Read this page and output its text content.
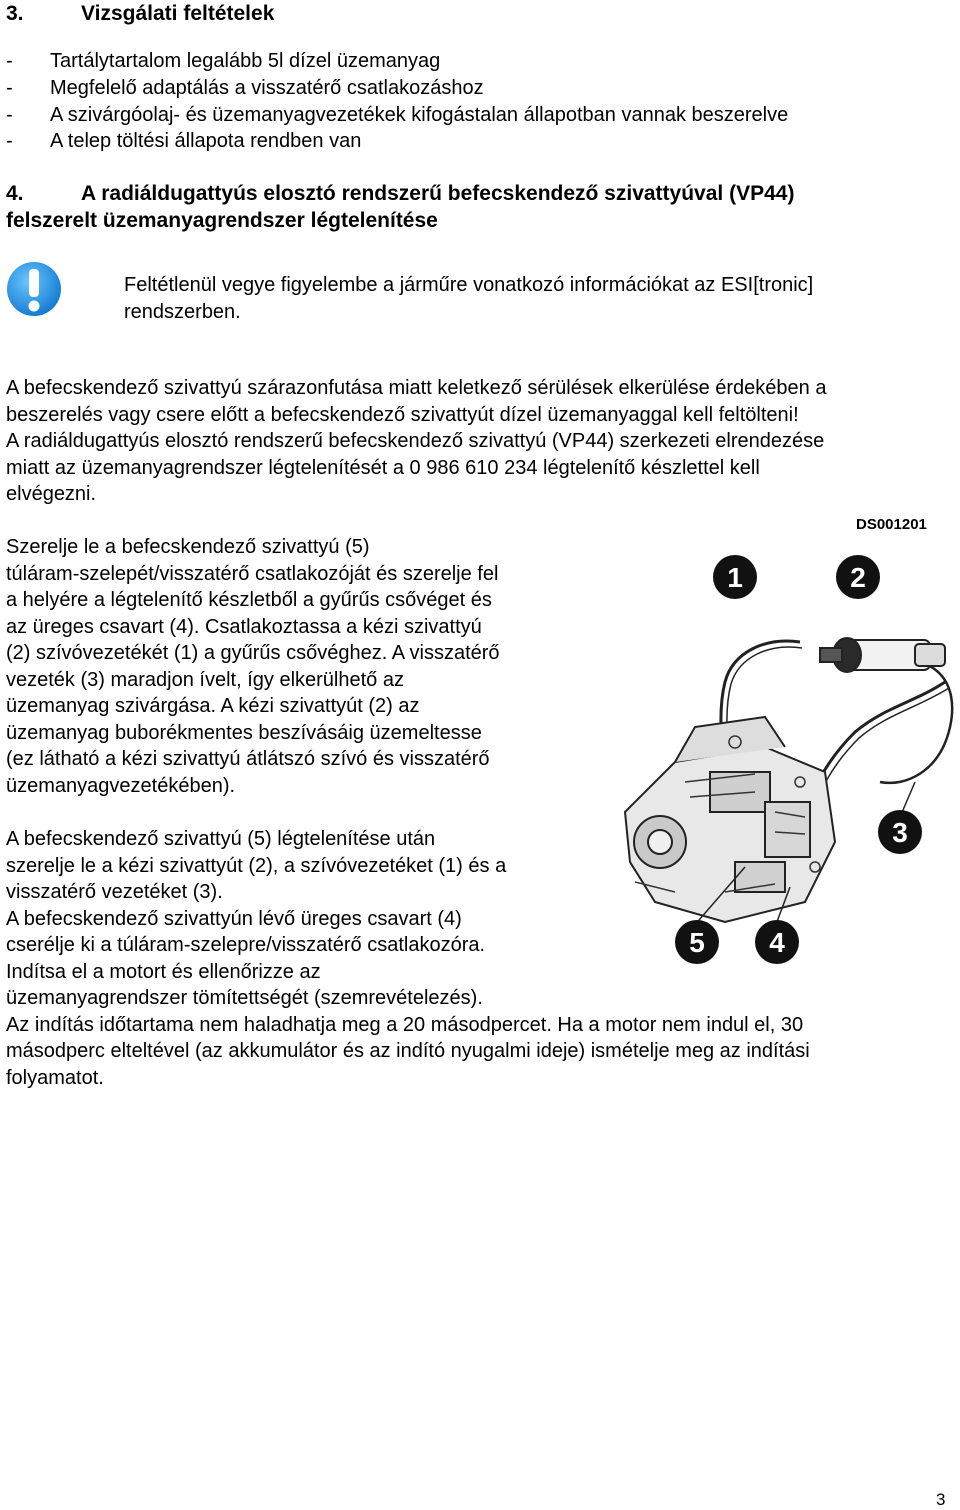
3.	Vizsgálati feltételek
- Tartálytartalom legalább 5l dízel üzemanyag
- Megfelelő adaptálás a visszatérő csatlakozáshoz
- A szivárgóolaj- és üzemanyagvezetékek kifogástalan állapotban vannak beszerelve
- A telep töltési állapota rendben van
4.	A radiáldugattyús elosztó rendszerű befecskendező szivattyúval (VP44)
felszerelt üzemanyagrendszer légtelenítése

Feltétlenül vegye figyelembe a járműre vonatkozó információkat az ESI[tronic]
rendszerben.

A befecskendező szivattyú szárazonfutása miatt keletkező sérülések elkerülése érdekében a
beszerelés vagy csere előtt a befecskendező szivattyút dízel üzemanyaggal kell feltölteni!
A radiáldugattyús elosztó rendszerű befecskendező szivattyú (VP44) szerkezeti elrendezése
miatt az üzemanyagrendszer légtelenítését a 0 986 610 234 légtelenítő készlettel kell
elvégezni.

Szerelje le a befecskendező szivattyú (5)
túláram-szelepét/visszatérő csatlakozóját és szerelje fel
a helyére a légtelenítő készletből a gyűrűs csővéget és
az üreges csavart (4). Csatlakoztassa a kézi szivattyú
(2) szívóvezetékét (1) a gyűrűs csővéghez. A visszatérő
vezeték (3) maradjon ívelt, így elkerülhető az
üzemanyag szivárgása. A kézi szivattyút (2) az
üzemanyag buborékmentes beszívásáig üzemeltesse
(ez látható a kézi szivattyú átlátszó szívó és visszatérő
üzemanyagvezetékében).

A befecskendező szivattyú (5) légtelenítése után
szerelje le a kézi szivattyút (2), a szívóvezetéket (1) és a
visszatérő vezetéket (3).
A befecskendező szivattyún lévő üreges csavart (4)
cserélje ki a túláram-szelepre/visszatérő csatlakozóra.
Indítsa el a motort és ellenőrizze az
üzemanyagrendszer tömítettségét (szemrevételezés).
Az indítás időtartama nem haladhatja meg a 20 másodpercet. Ha a motor nem indul el, 30
másodperc elteltével (az akkumulátor és az indító nyugalmi ideje) ismételje meg az indítási
folyamatot.

DS001201
1	2
3
4
5
3
